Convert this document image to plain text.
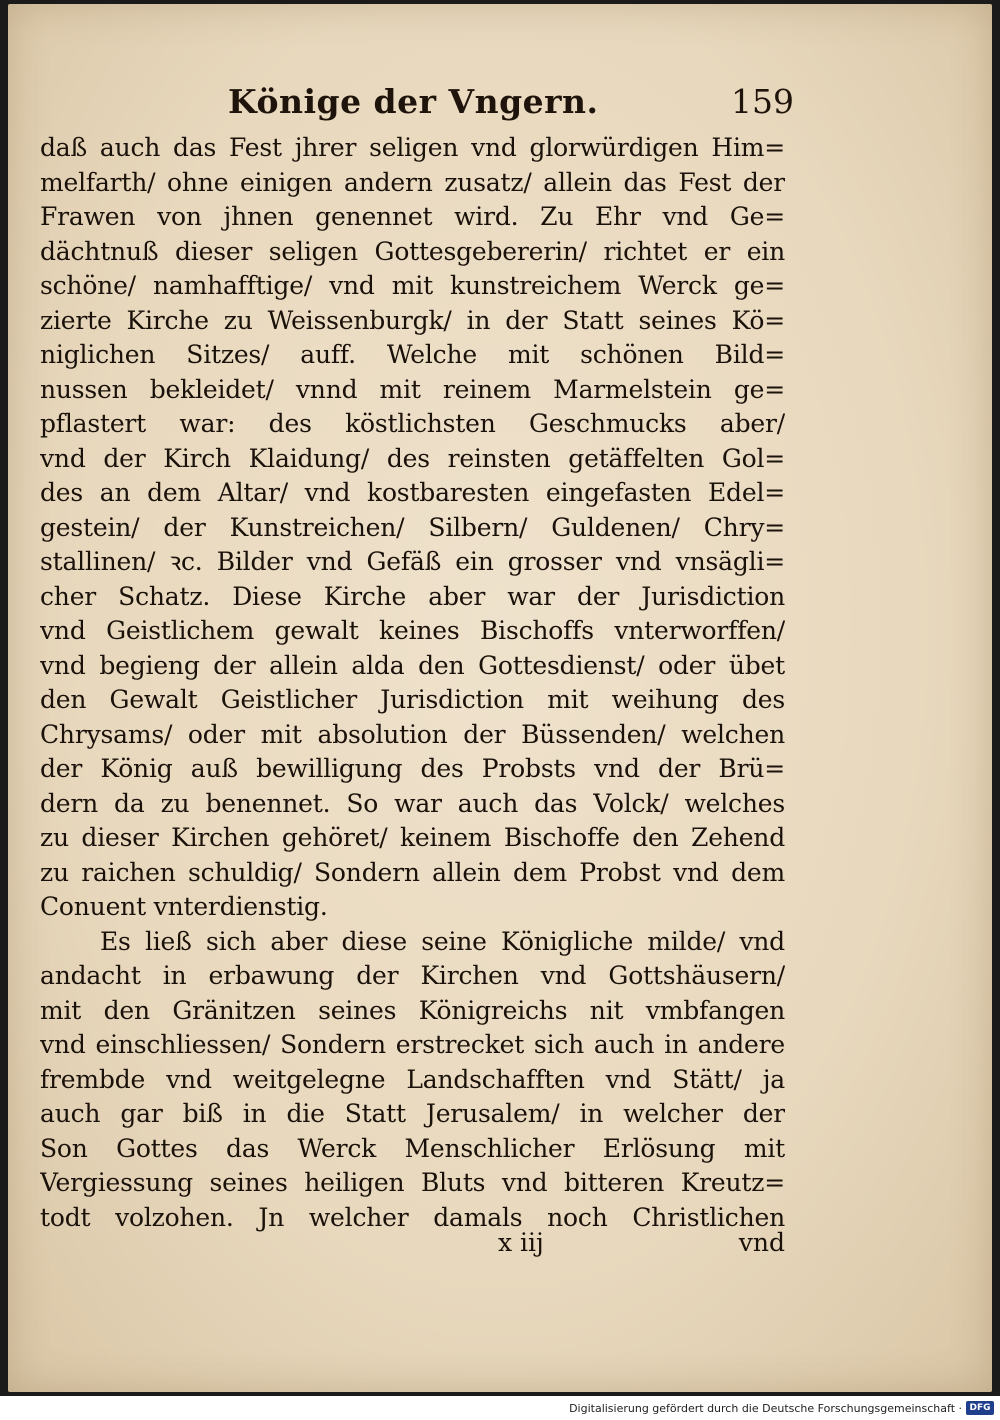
Könige der Vngern.	159
daß auch das Fest jhrer seligen vnd glorwürdigen Him=
melfarth/ ohne einigen andern zusatz/ allein das Fest der
Frawen von jhnen genennet wird. Zu Ehr vnd Ge=
dächtnuß dieser seligen Gottesgebererin/ richtet er ein
schöne/ namhafftige/ vnd mit kunstreichem Werck ge=
zierte Kirche zu Weissenburgk/ in der Statt seines Kö=
niglichen Sitzes/ auff. Welche mit schönen Bild=
nussen bekleidet/ vnnd mit reinem Marmelstein ge=
pflastert war: des köstlichsten Geschmucks aber/
vnd der Kirch Klaidung/ des reinsten getäffelten Gol=
des an dem Altar/ vnd kostbaresten eingefasten Edel=
gestein/ der Kunstreichen/ Silbern/ Guldenen/ Chry=
stallinen/ ꝛc. Bilder vnd Gefäß ein grosser vnd vnsägli=
cher Schatz. Diese Kirche aber war der Jurisdiction
vnd Geistlichem gewalt keines Bischoffs vnterworffen/
vnd begieng der allein alda den Gottesdienst/ oder übet
den Gewalt Geistlicher Jurisdiction mit weihung des
Chrysams/ oder mit absolution der Büssenden/ welchen
der König auß bewilligung des Probsts vnd der Brü=
dern da zu benennet. So war auch das Volck/ welches
zu dieser Kirchen gehöret/ keinem Bischoffe den Zehend
zu raichen schuldig/ Sondern allein dem Probst vnd dem
Conuent vnterdienstig.
Es ließ sich aber diese seine Königliche milde/ vnd
andacht in erbawung der Kirchen vnd Gottshäusern/
mit den Gränitzen seines Königreichs nit vmbfangen
vnd einschliessen/ Sondern erstrecket sich auch in andere
frembde vnd weitgelegne Landschafften vnd Stätt/ ja
auch gar biß in die Statt Jerusalem/ in welcher der
Son Gottes das Werck Menschlicher Erlösung mit
Vergiessung seines heiligen Bluts vnd bitteren Kreutz=
todt volzohen. Jn welcher damals noch Christlichen
x iij	vnd
Digitalisierung gefördert durch die Deutsche Forschungsgemeinschaft · DFG
